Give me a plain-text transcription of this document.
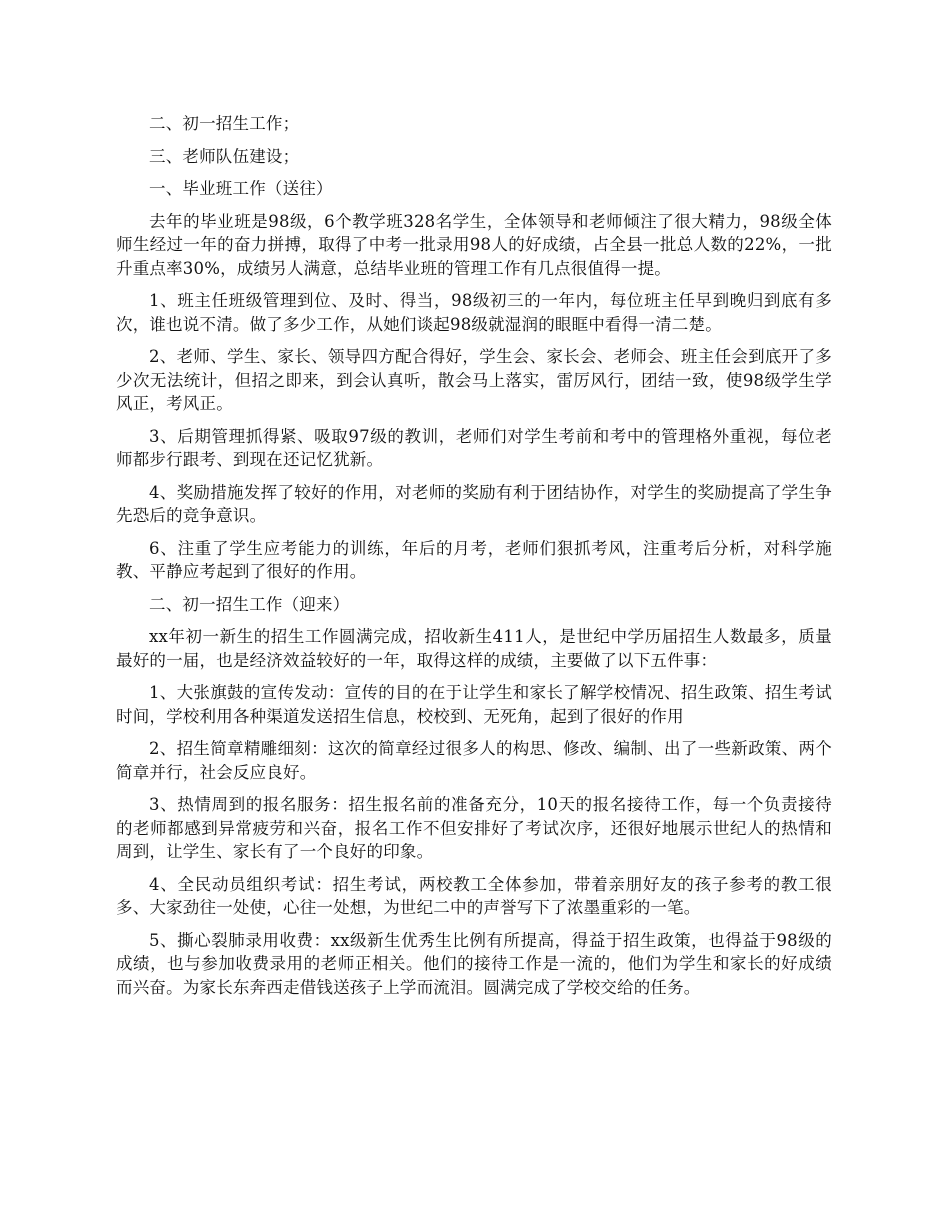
二、初一招生工作；

三、老师队伍建设；

一、毕业班工作（送往）

去年的毕业班是98级，6个教学班328名学生，全体领导和老师倾注了很大精力，98级全体师生经过一年的奋力拼搏，取得了中考一批录用98人的好成绩，占全县一批总人数的22%，一批升重点率30%，成绩另人满意，总结毕业班的管理工作有几点很值得一提。

1、班主任班级管理到位、及时、得当，98级初三的一年内，每位班主任早到晚归到底有多次，谁也说不清。做了多少工作，从她们谈起98级就湿润的眼眶中看得一清二楚。

2、老师、学生、家长、领导四方配合得好，学生会、家长会、老师会、班主任会到底开了多少次无法统计，但招之即来，到会认真听，散会马上落实，雷厉风行，团结一致，使98级学生学风正，考风正。

3、后期管理抓得紧、吸取97级的教训，老师们对学生考前和考中的管理格外重视，每位老师都步行跟考、到现在还记忆犹新。

4、奖励措施发挥了较好的作用，对老师的奖励有利于团结协作，对学生的奖励提高了学生争先恐后的竞争意识。

6、注重了学生应考能力的训练，年后的月考，老师们狠抓考风，注重考后分析，对科学施教、平静应考起到了很好的作用。

二、初一招生工作（迎来）

xx年初一新生的招生工作圆满完成，招收新生411人，是世纪中学历届招生人数最多，质量最好的一届，也是经济效益较好的一年，取得这样的成绩，主要做了以下五件事：

1、大张旗鼓的宣传发动：宣传的目的在于让学生和家长了解学校情况、招生政策、招生考试时间，学校利用各种渠道发送招生信息，校校到、无死角，起到了很好的作用

2、招生简章精雕细刻：这次的简章经过很多人的构思、修改、编制、出了一些新政策、两个简章并行，社会反应良好。

3、热情周到的报名服务：招生报名前的准备充分，10天的报名接待工作，每一个负责接待的老师都感到异常疲劳和兴奋，报名工作不但安排好了考试次序，还很好地展示世纪人的热情和周到，让学生、家长有了一个良好的印象。

4、全民动员组织考试：招生考试，两校教工全体参加，带着亲朋好友的孩子参考的教工很多、大家劲往一处使，心往一处想，为世纪二中的声誉写下了浓墨重彩的一笔。

5、撕心裂肺录用收费：xx级新生优秀生比例有所提高，得益于招生政策，也得益于98级的成绩，也与参加收费录用的老师正相关。他们的接待工作是一流的，他们为学生和家长的好成绩而兴奋。为家长东奔西走借钱送孩子上学而流泪。圆满完成了学校交给的任务。
